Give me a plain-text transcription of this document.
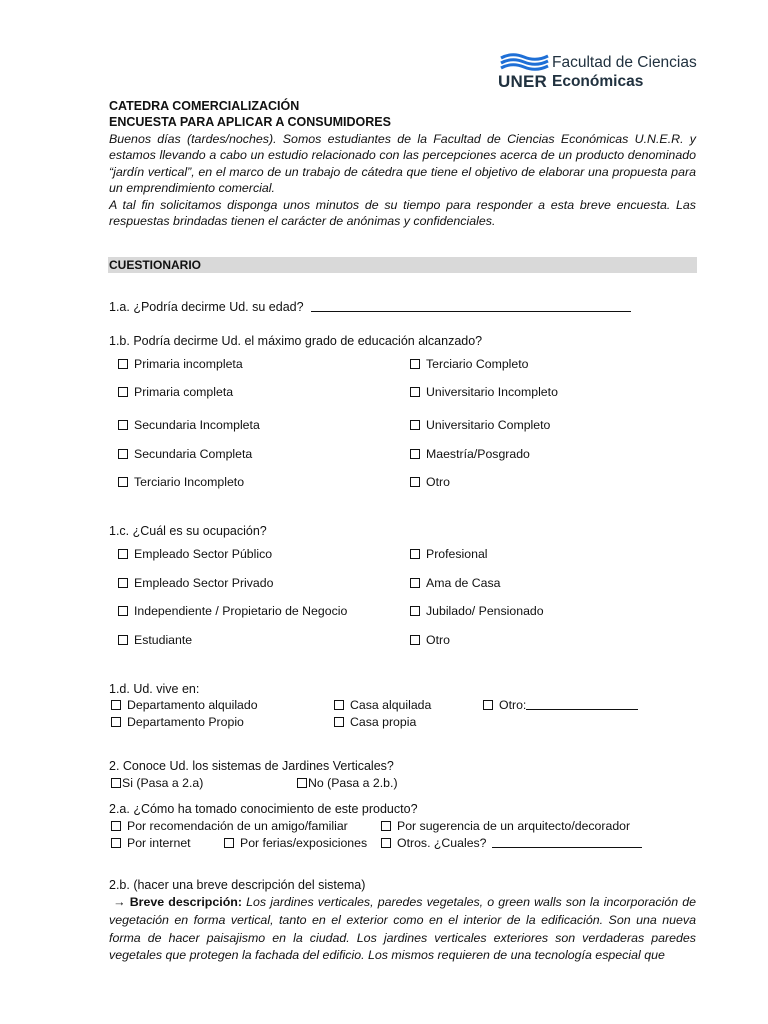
UNER
Facultad de Ciencias
Económicas
CATEDRA COMERCIALIZACIÓN
ENCUESTA PARA APLICAR A CONSUMIDORES

Buenos días (tardes/noches). Somos estudiantes de la Facultad de Ciencias Económicas U.N.E.R. y estamos llevando a cabo un estudio relacionado con las percepciones acerca de un producto denominado “jardín vertical”, en el marco de un trabajo de cátedra que tiene el objetivo de elaborar una propuesta para un emprendimiento comercial.

A tal fin solicitamos disponga unos minutos de su tiempo para responder a esta breve encuesta. Las respuestas brindadas tienen el carácter de anónimas y confidenciales.

CUESTIONARIO
1.a. ¿Podría decirme Ud. su edad?
1.b. Podría decirme Ud. el máximo grado de educación alcanzado?
Primaria incompleta
Primaria completa
Secundaria Incompleta
Secundaria Completa
Terciario Incompleto
Terciario Completo
Universitario Incompleto
Universitario Completo
Maestría/Posgrado
Otro
1.c. ¿Cuál es su ocupación?
Empleado Sector Público
Empleado Sector Privado
Independiente / Propietario de Negocio
Estudiante
Profesional
Ama de Casa
Jubilado/ Pensionado
Otro
1.d. Ud. vive en:
Departamento alquilado	Casa alquilada	Otro:
Departamento Propio	Casa propia
2. Conoce Ud. los sistemas de Jardines Verticales?
Si (Pasa a 2.a)	No (Pasa a 2.b.)
2.a. ¿Cómo ha tomado conocimiento de este producto?
Por recomendación de un amigo/familiar	Por sugerencia de un arquitecto/decorador
Por internet	Por ferias/exposiciones	Otros. ¿Cuales?
2.b. (hacer una breve descripción del sistema)
→ Breve descripción: Los jardines verticales, paredes vegetales, o green walls son la incorporación de vegetación en forma vertical, tanto en el exterior como en el interior de la edificación. Son una nueva forma de hacer paisajismo en la ciudad. Los jardines verticales exteriores son verdaderas paredes vegetales que protegen la fachada del edificio. Los mismos requieren de una tecnología especial que
